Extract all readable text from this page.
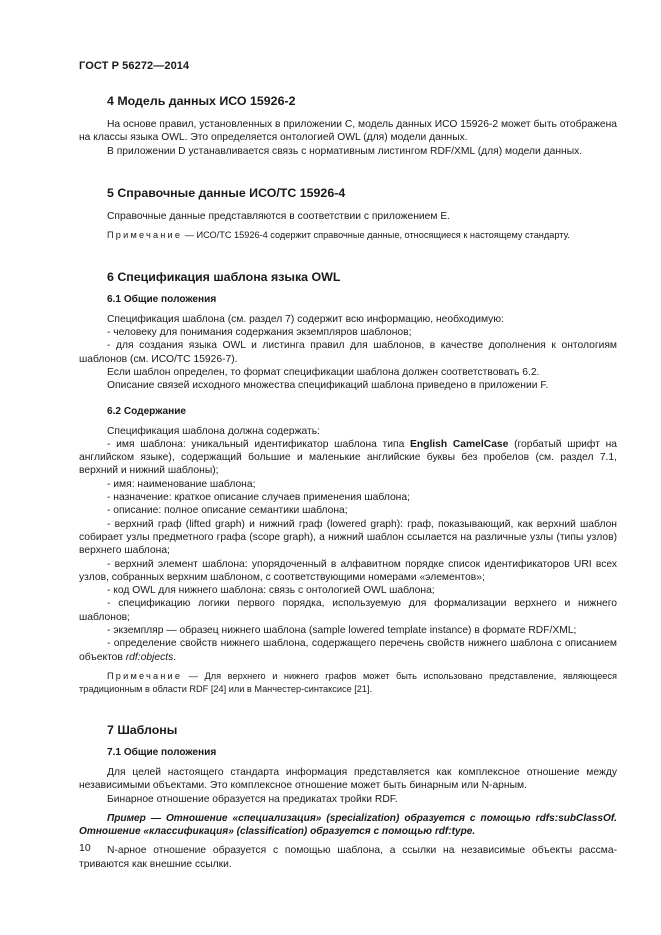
ГОСТ Р 56272—2014
4 Модель данных ИСО 15926-2

На основе правил, установленных в приложении C, модель данных ИСО 15926-2 может быть отображена на классы языка OWL. Это определяется онтологией OWL (для) модели данных.

В приложении D устанавливается связь с нормативным листингом RDF/XML (для) модели данных.

5 Справочные данные ИСО/ТС 15926-4

Справочные данные представляются в соответствии с приложением E.

Примечание — ИСО/ТС 15926-4 содержит справочные данные, относящиеся к настоящему стандарту.

6 Спецификация шаблона языка OWL
6.1 Общие положения

Спецификация шаблона (см. раздел 7) содержит всю информацию, необходимую:

- человеку для понимания содержания экземпляров шаблонов;

- для создания языка OWL и листинга правил для шаблонов, в качестве дополнения к онтологиям шаблонов (см. ИСО/ТС 15926-7).

Если шаблон определен, то формат спецификации шаблона должен соответствовать 6.2.

Описание связей исходного множества спецификаций шаблона приведено в приложении F.

6.2 Содержание

Спецификация шаблона должна содержать:

- имя шаблона: уникальный идентификатор шаблона типа English CamelCase (горбатый шрифт на английском языке), содержащий большие и маленькие английские буквы без пробелов (см. раздел 7.1, верхний и нижний шаблоны);

- имя: наименование шаблона;

- назначение: краткое описание случаев применения шаблона;

- описание: полное описание семантики шаблона;

- верхний граф (lifted graph) и нижний граф (lowered graph): граф, показывающий, как верхний шаблон собирает узлы предметного графа (scope graph), а нижний шаблон ссылается на различные узлы (типы узлов) верхнего шаблона;

- верхний элемент шаблона: упорядоченный в алфавитном порядке список идентификаторов URI всех узлов, собранных верхним шаблоном, с соответствующими номерами «элементов»;

- код OWL для нижнего шаблона: связь с онтологией OWL шаблона;

- спецификацию логики первого порядка, используемую для формализации верхнего и нижнего шаблонов;

- экземпляр — образец нижнего шаблона (sample lowered template instance) в формате RDF/XML;

- определение свойств нижнего шаблона, содержащего перечень свойств нижнего шаблона с описанием объектов rdf:objects.

Примечание — Для верхнего и нижнего графов может быть использовано представление, являющееся традиционным в области RDF [24] или в Манчестер-синтаксисе [21].

7 Шаблоны
7.1 Общие положения

Для целей настоящего стандарта информация представляется как комплексное отношение между независимыми объектами. Это комплексное отношение может быть бинарным или N-арным.

Бинарное отношение образуется на предикатах тройки RDF.

Пример — Отношение «специализация» (specialization) образуется с помощью rdfs:subClassOf. Отношение «классификация» (classification) образуется с помощью rdf:type.

N-арное отношение образуется с помощью шаблона, а ссылки на независимые объекты рассматриваются как внешние ссылки.

10
